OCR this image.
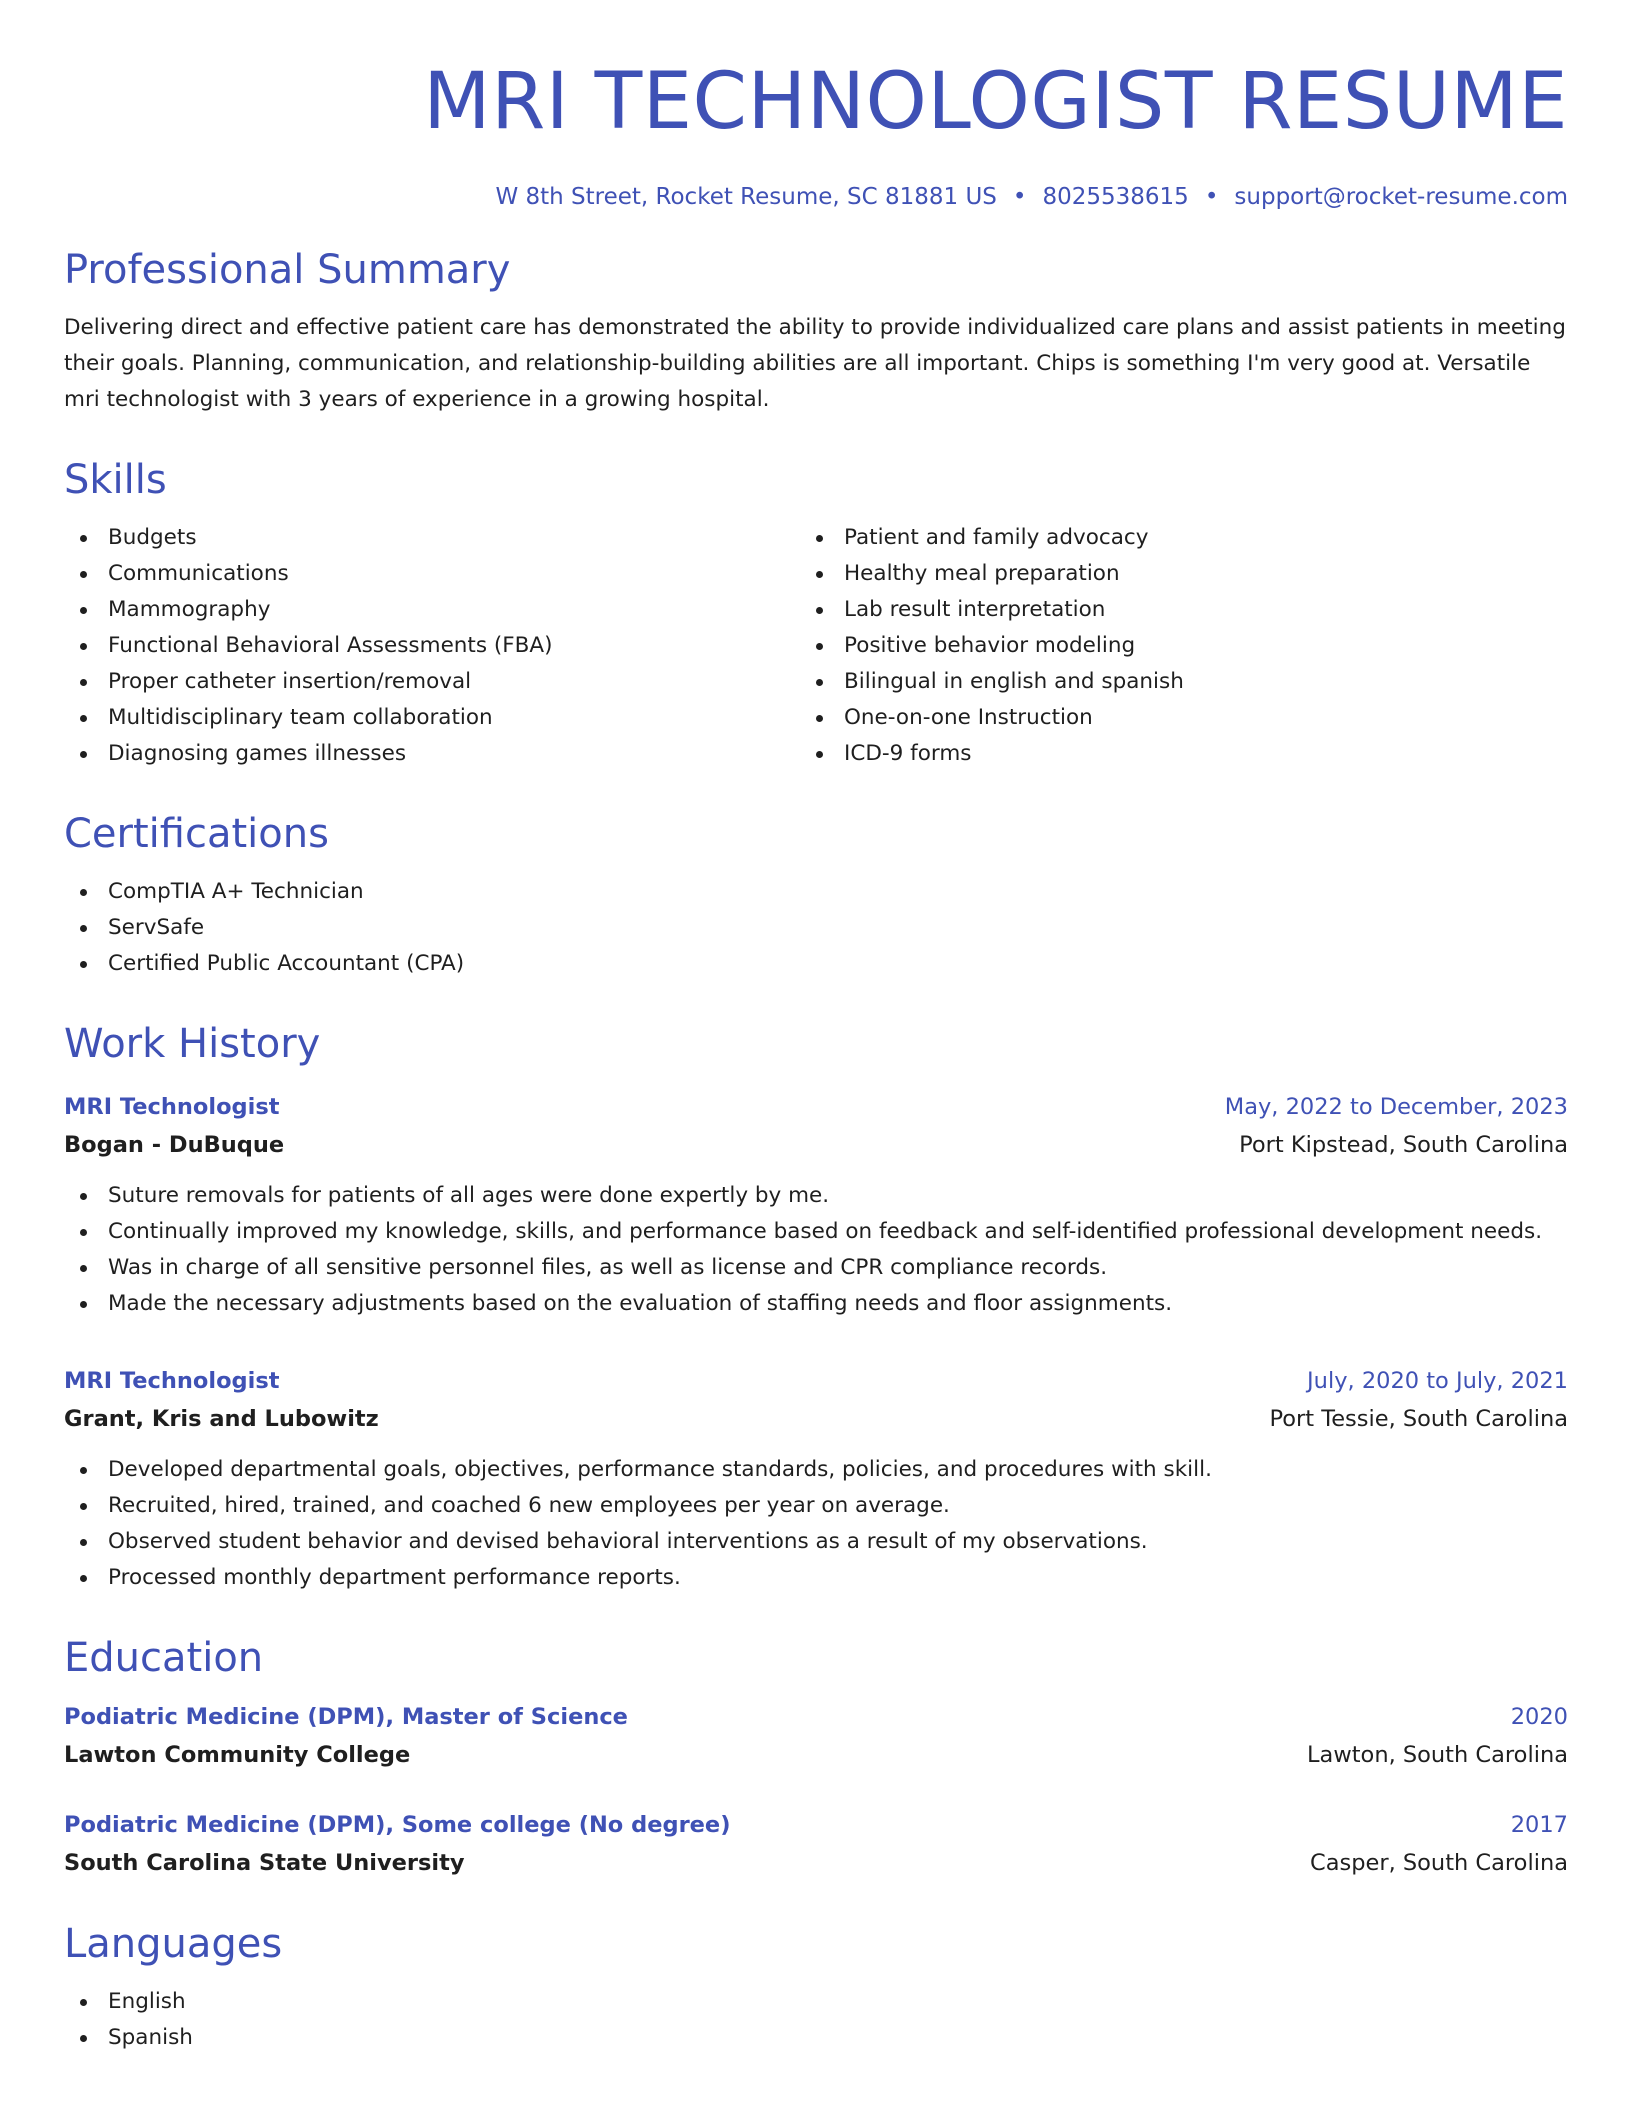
MRI TECHNOLOGIST RESUME
W 8th Street, Rocket Resume, SC 81881 US • 8025538615 • support@rocket-resume.com
Professional Summary
Delivering direct and effective patient care has demonstrated the ability to provide individualized care plans and assist patients in meeting their goals. Planning, communication, and relationship-building abilities are all important. Chips is something I'm very good at. Versatile mri technologist with 3 years of experience in a growing hospital.
Skills
Budgets
Communications
Mammography
Functional Behavioral Assessments (FBA)
Proper catheter insertion/removal
Multidisciplinary team collaboration
Diagnosing games illnesses
Patient and family advocacy
Healthy meal preparation
Lab result interpretation
Positive behavior modeling
Bilingual in english and spanish
One-on-one Instruction
ICD-9 forms
Certifications
CompTIA A+ Technician
ServSafe
Certified Public Accountant (CPA)
Work History
MRI Technologist	May, 2022 to December, 2023
Bogan - DuBuque	Port Kipstead, South Carolina
Suture removals for patients of all ages were done expertly by me.
Continually improved my knowledge, skills, and performance based on feedback and self-identified professional development needs.
Was in charge of all sensitive personnel files, as well as license and CPR compliance records.
Made the necessary adjustments based on the evaluation of staffing needs and floor assignments.
MRI Technologist	July, 2020 to July, 2021
Grant, Kris and Lubowitz	Port Tessie, South Carolina
Developed departmental goals, objectives, performance standards, policies, and procedures with skill.
Recruited, hired, trained, and coached 6 new employees per year on average.
Observed student behavior and devised behavioral interventions as a result of my observations.
Processed monthly department performance reports.
Education
Podiatric Medicine (DPM), Master of Science	2020
Lawton Community College	Lawton, South Carolina
Podiatric Medicine (DPM), Some college (No degree)	2017
South Carolina State University	Casper, South Carolina
Languages
English
Spanish
